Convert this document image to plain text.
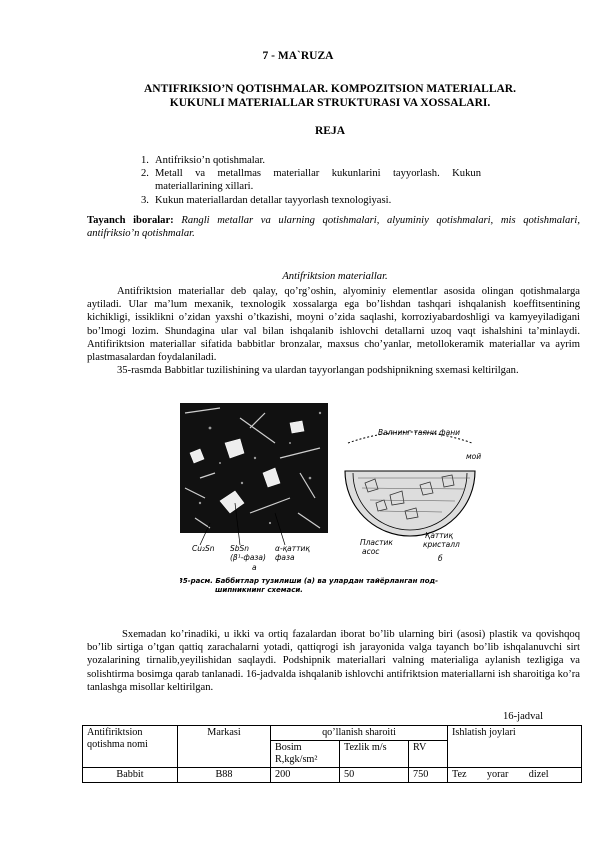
7 - MA`RUZA
ANTIFRIKSIO’N QOTISHMALAR. KOMPOZITSION MATERIALLAR.
KUKUNLI MATERIALLAR STRUKTURASI VA XOSSALARI.
REJA
1. Antifriksio’n qotishmalar.
2. Metall va metallmas materiallar kukunlarini tayyorlash. Kukun materiallarining xillari.
3. Kukun materiallardan detallar tayyorlash texnologiyasi.
Tayanch iboralar: Rangli metallar va ularning qotishmalari, alyuminiy qotishmalari, mis qotishmalari, antifriksio’n qotishmalar.
Antifriktsion materiallar.
Antifriktsion materiallar deb qalay, qo’rg’oshin, alyominiy elementlar asosida olingan qotishmalarga aytiladi. Ular ma’lum mexanik, texnologik xossalarga ega bo’lishdan tashqari ishqalanish koeffitsentining kichikligi, issiklikni o’zidan yaxshi o’tkazishi, moyni o’zida saqlashi, korroziyabardoshligi va kamyeyiladigani bo’lmogi lozim. Shundagina ular val bilan ishqalanib ishlovchi detallarni uzoq vaqt ishalshini ta’minlaydi. Antifiriktsion materiallar sifatida babbitlar bronzalar, maxsus cho’yanlar, metollokeramik materiallar va ayrim plastmasalardan foydalaniladi.
35-rasmda Babbitlar tuzilishining va ulardan tayyorlangan podshipnikning sxemasi keltirilgan.
Cu₂Sn SbSn
(β¹-фаза)
α-қаттиқ
фаза
а
Валнинг таяни фани
мой
Пластик
асос
Қаттиқ
кристалл
б
35-расм. Баббитлар тузилиши (а) ва улардан тайёрланган под-
шипникнинг схемаси.
Sxemadan ko’rinadiki, u ikki va ortiq fazalardan iborat bo’lib ularning biri (asosi) plastik va qovishqoq bo’lib sirtiga o’tgan qattiq zarachalarni yotadi, qattiqrogi ish jarayonida valga tayanch bo’lib ishqalanuvchi sirt yozalarining tirnalib,yeyilishidan saqlaydi. Podshipnik materiallari valning materialiga aylanish tezligiga va solishtirma bosimga qarab tanlanadi. 16-jadvalda ishqalanib ishlovchi antifriktsion materiallarni ish sharoitiga ko’ra tanlashga misollar keltirilgan.
16-jadval
Antifiriktsion qotishma nomi	Markasi	qo’llanish sharoiti			Ishlatish joylari
		Bosim R,kgk/sm²	Tezlik m/s	RV	
Babbit	B88	200	50	750	Tez        yorar        dizel
